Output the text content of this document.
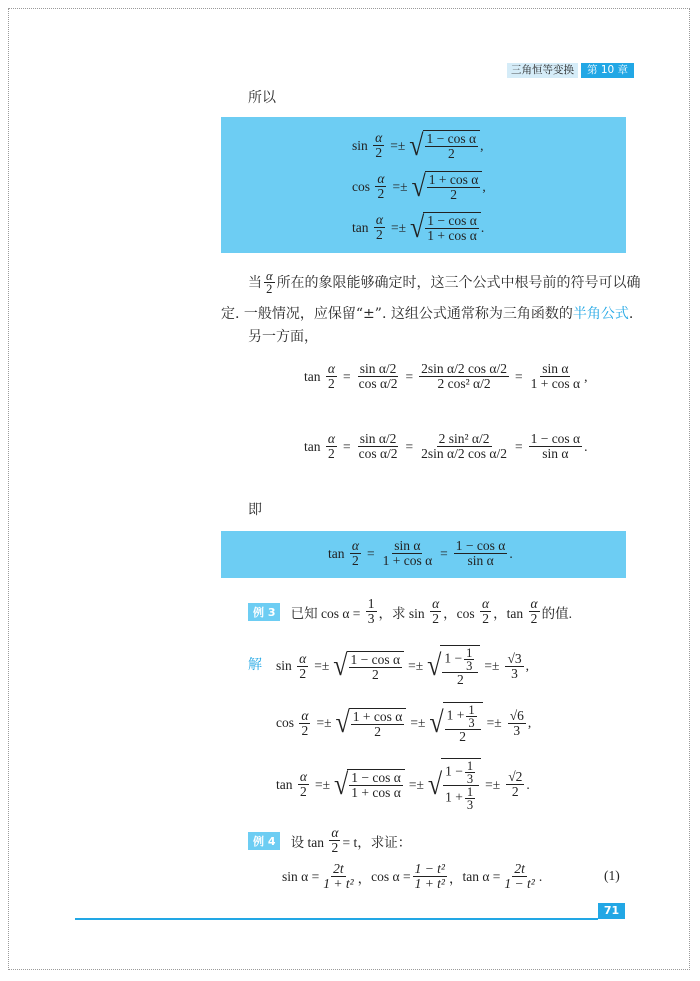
三角恒等变换	第 10 章
所以
sin
$\frac{\alpha}{2}$ =± √ 1 − cos α
2
,
cos
$\frac{\alpha}{2}$ =± √ 1 + cos α
2
,
tan
$\frac{\alpha}{2}$ =± √ 1 − cos α
1 + cos α
.
当 α
2 所在的象限能够确定时，这三个公式中根号前的符号可以确
定. 一般情况，应保留“±”. 这组公式通常称为三角函数的半角公式.
另一方面，
tan
$\frac{\alpha}{2} = \frac{\text{sin α/2}}{\text{cos α/2}} = \frac{\text{2sin α/2 cos α/2}}{\text{2 cos² α/2}} = \frac{\text{sin α}}{\text{1 + cos α}}$ ,
tan
$\frac{\alpha}{2} = \frac{\text{sin α/2}}{\text{cos α/2}} = \frac{\text{2 sin² α/2}}{\text{2sin α/2 cos α/2}} = \frac{\text{1 − cos α}}{\text{sin α}}$ .
即
tan
$\frac{\alpha}{2} = \frac{\text{sin α}}{\text{1 + cos α}} = \frac{\text{1 − cos α}}{\text{sin α}}$ .
例 3
	已知 cos α =
$\frac{1}{3}$ ，求 sin

α
2 ，cos

α
2 ，tan

α
2 的值.
解 sin
$\frac{\alpha}{2}$ =± √ 1 − cos α
2
=± √ $1 - \frac{1}{3}$
2
=± $\frac{√3}{3}$ ,
cos
$\frac{\alpha}{2}$ =± √ 1 + cos α
2
=± √ $1 + \frac{1}{3}$
2
=± $\frac{√6}{3}$ ,
tan
$\frac{\alpha}{2}$ =± √ 1 − cos α
1 + cos α
=± √ $1 - \frac{1}{3}$
$1 + \frac{1}{3}$
=± $\frac{√2}{2}$ .
例 4
	设 tan
$\frac{\alpha}{2} = t$，求证：
$\sin \alpha = \frac{2t}{\text{1 + t²}}$ ， $\cos \alpha = \frac{\text{1 − t²}}{\text{1 + t²}}$ ， $\tan \alpha = \frac{2t}{\text{1 − t²}}$ .	(1)
71
